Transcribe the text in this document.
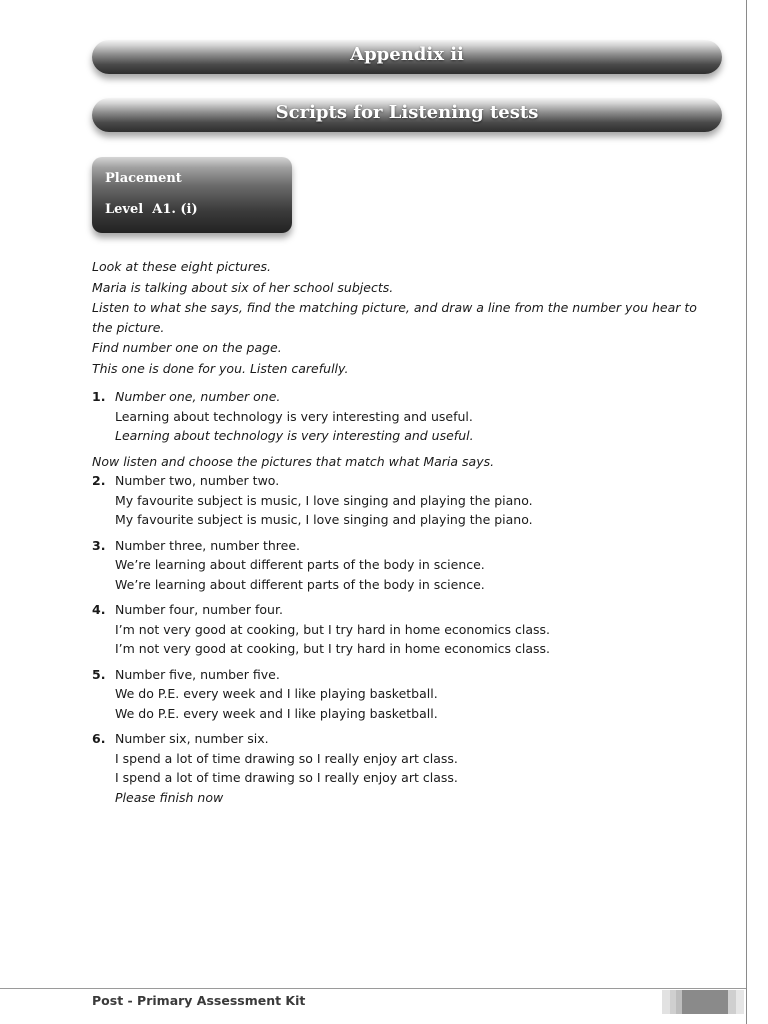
Appendix ii
Scripts for Listening tests
Placement
Level  A1. (i)

Look at these eight pictures.

Maria is talking about six of her school subjects.

Listen to what she says, find the matching picture, and draw a line from the number you hear to the picture.

Find number one on the page.

This one is done for you. Listen carefully.

1. Number one, number one.

Learning about technology is very interesting and useful.

Learning about technology is very interesting and useful.

Now listen and choose the pictures that match what Maria says.

2. Number two, number two.

My favourite subject is music, I love singing and playing the piano.

My favourite subject is music, I love singing and playing the piano.

3. Number three, number three.

We’re learning about different parts of the body in science.

We’re learning about different parts of the body in science.

4. Number four, number four.

I’m not very good at cooking, but I try hard in home economics class.

I’m not very good at cooking, but I try hard in home economics class.

5. Number five, number five.

We do P.E. every week and I like playing basketball.

We do P.E. every week and I like playing basketball.

6. Number six, number six.

I spend a lot of time drawing so I really enjoy art class.

I spend a lot of time drawing so I really enjoy art class.

Please finish now

Post - Primary Assessment Kit
